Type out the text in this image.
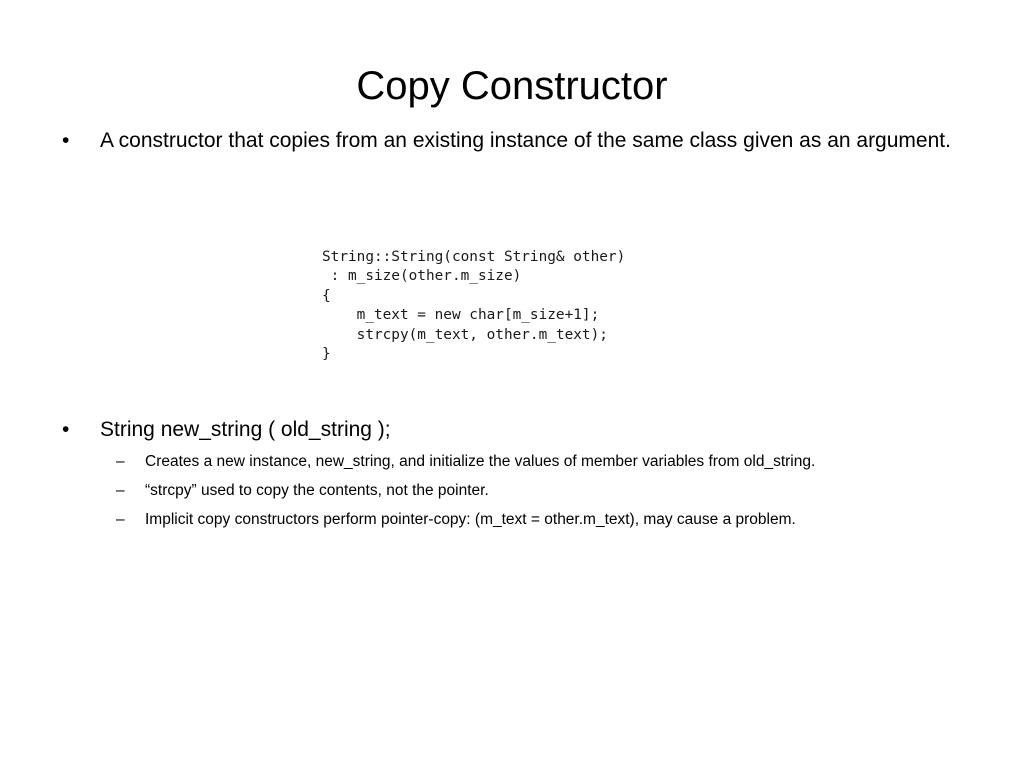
Copy Constructor
•	A constructor that copies from an existing instance of the same class given as an argument.
String::String(const String& other)
: m_size(other.m_size)
{
m_text = new char[m_size+1];
strcpy(m_text, other.m_text);
}
•	String new_string ( old_string );
–	Creates a new instance, new_string, and initialize the values of member variables from old_string.
–	“strcpy” used to copy the contents, not the pointer.
–	Implicit copy constructors perform pointer-copy: (m_text = other.m_text), may cause a problem.
